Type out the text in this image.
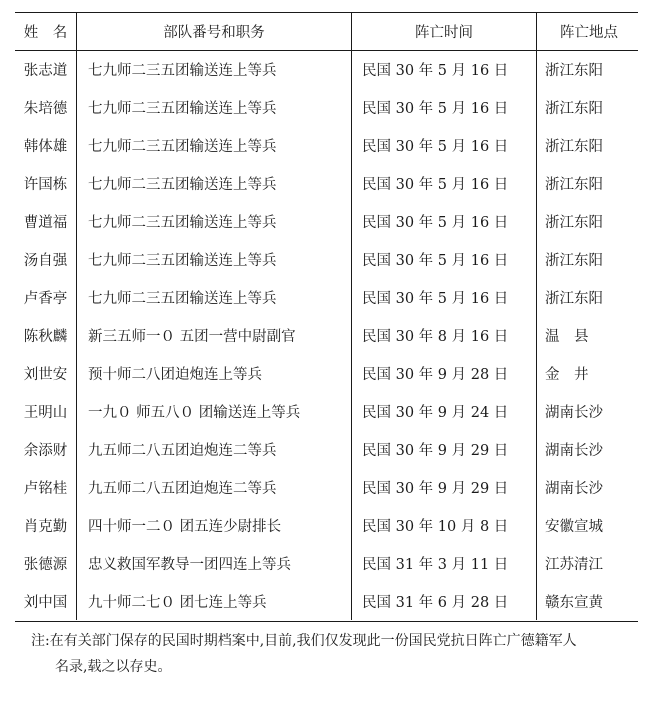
姓　名	部队番号和职务	阵亡时间	阵亡地点
张志道	七九师二三五团输送连上等兵	民国 30 年 5 月 16 日	浙江东阳
朱培德	七九师二三五团输送连上等兵	民国 30 年 5 月 16 日	浙江东阳
韩体雄	七九师二三五团输送连上等兵	民国 30 年 5 月 16 日	浙江东阳
许国栋	七九师二三五团输送连上等兵	民国 30 年 5 月 16 日	浙江东阳
曹道福	七九师二三五团输送连上等兵	民国 30 年 5 月 16 日	浙江东阳
汤自强	七九师二三五团输送连上等兵	民国 30 年 5 月 16 日	浙江东阳
卢香亭	七九师二三五团输送连上等兵	民国 30 年 5 月 16 日	浙江东阳
陈秋麟	新三五师一０ 五团一营中尉副官	民国 30 年 8 月 16 日	温　县
刘世安	预十师二八团迫炮连上等兵	民国 30 年 9 月 28 日	金　井
王明山	一九０ 师五八０ 团输送连上等兵	民国 30 年 9 月 24 日	湖南长沙
余添财	九五师二八五团迫炮连二等兵	民国 30 年 9 月 29 日	湖南长沙
卢铭桂	九五师二八五团迫炮连二等兵	民国 30 年 9 月 29 日	湖南长沙
肖克勤	四十师一二０ 团五连少尉排长	民国 30 年 10 月 8 日	安徽宣城
张德源	忠义救国军教导一团四连上等兵	民国 31 年 3 月 11 日	江苏清江
刘中国	九十师二七０ 团七连上等兵	民国 31 年 6 月 28 日	赣东宣黄
注:在有关部门保存的民国时期档案中,目前,我们仅发现此一份国民党抗日阵亡广德籍军人
名录,载之以存史。
